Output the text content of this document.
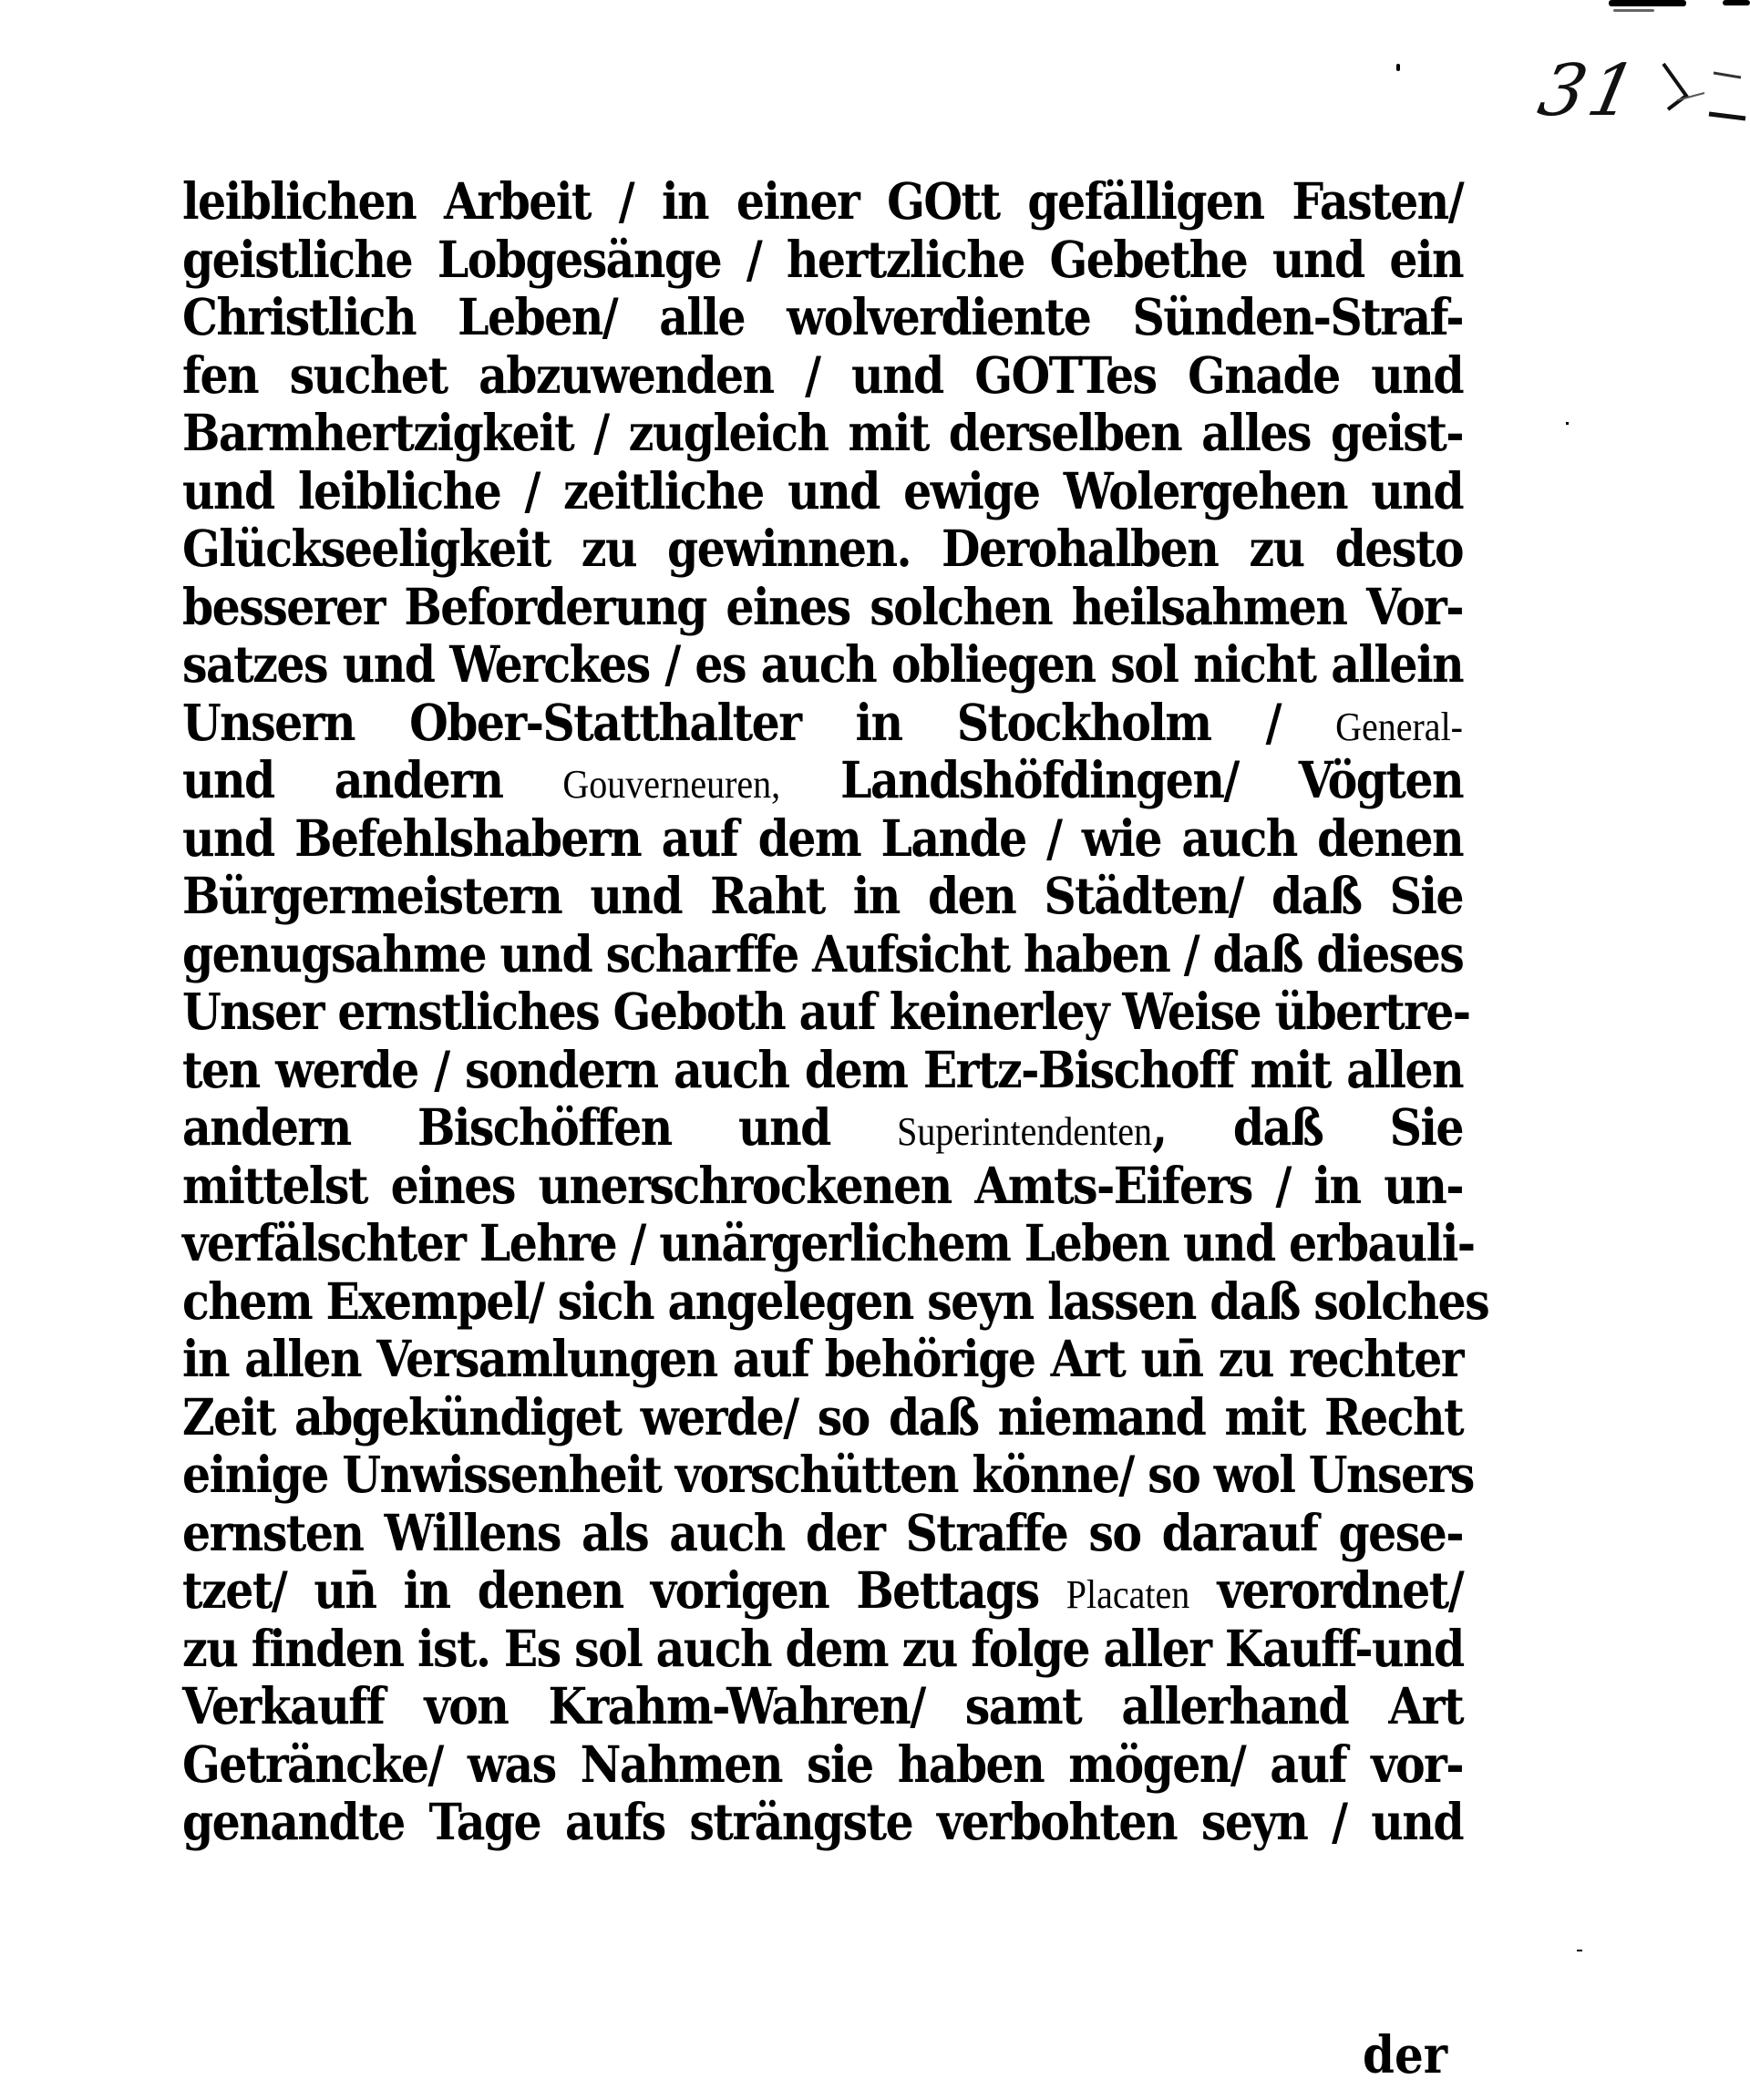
31
leiblichen Arbeit / in einer GOtt gefälligen Fasten/
geistliche Lobgesänge / hertzliche Gebethe und ein
Christlich Leben/ alle wolverdiente Sünden-Straf-
fen suchet abzuwenden / und GOTTes Gnade und
Barmhertzigkeit / zugleich mit derselben alles geist-
und leibliche / zeitliche und ewige Wolergehen und
Glückseeligkeit zu gewinnen. Derohalben zu desto
besserer Beforderung eines solchen heilsahmen Vor-
satzes und Werckes / es auch obliegen sol nicht allein
Unsern Ober-Statthalter in Stockholm / General-
und andern Gouverneuren, Landshöfdingen/ Vögten
und Befehlshabern auf dem Lande / wie auch denen
Bürgermeistern und Raht in den Städten/ daß Sie
genugsahme und scharffe Aufsicht haben / daß dieses
Unser ernstliches Geboth auf keinerley Weise übertre-
ten werde / sondern auch dem Ertz-Bischoff mit allen
andern Bischöffen und Superintendenten, daß Sie
mittelst eines unerschrockenen Amts-Eifers / in un-
verfälschter Lehre / unärgerlichem Leben und erbauli-
chem Exempel/ sich angelegen seyn lassen daß solches
in allen Versamlungen auf behörige Art un̄ zu rechter
Zeit abgekündiget werde/ so daß niemand mit Recht
einige Unwissenheit vorschütten könne/ so wol Unsers
ernsten Willens als auch der Straffe so darauf gese-
tzet/ un̄ in denen vorigen Bettags Placaten verordnet/
zu finden ist. Es sol auch dem zu folge aller Kauff-und
Verkauff von Krahm-Wahren/ samt allerhand Art
Geträncke/ was Nahmen sie haben mögen/ auf vor-
genandte Tage aufs strängste verbohten seyn / und
der
